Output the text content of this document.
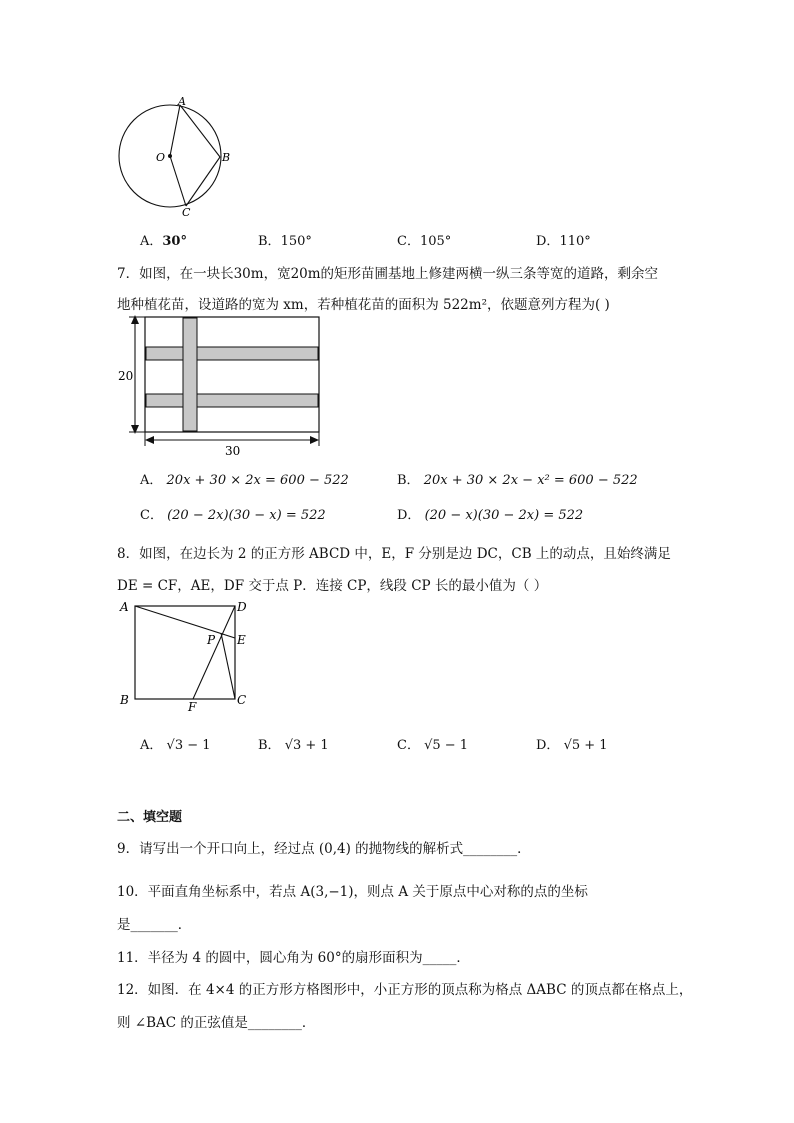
A
B
C
O
A．30°	B．150°	C．105°	D．110°
7．如图，在一块长30m，宽20m的矩形苗圃基地上修建两横一纵三条等宽的道路，剩余空
地种植花苗，设道路的宽为 xm，若种植花苗的面积为 522m²，依题意列方程为( )
20
30
A． 20x + 30 × 2x = 600 − 522	B． 20x + 30 × 2x − x² = 600 − 522
C． (20 − 2x)(30 − x) = 522	D． (20 − x)(30 − 2x) = 522
8．如图，在边长为 2 的正方形 ABCD 中，E，F 分别是边 DC，CB 上的动点，且始终满足
DE = CF，AE，DF 交于点 P．连接 CP，线段 CP 长的最小值为（ ）
A	D
E
P
B	C
F
A． √3 − 1	B． √3 + 1	C． √5 − 1	D． √5 + 1
二、填空题
9．请写出一个开口向上，经过点 (0,4) 的抛物线的解析式________．
10．平面直角坐标系中，若点 A(3,−1)，则点 A 关于原点中心对称的点的坐标
是_______．
11．半径为 4 的圆中，圆心角为 60°的扇形面积为_____．
12．如图．在 4×4 的正方形方格图形中，小正方形的顶点称为格点 ΔABC 的顶点都在格点上，
则 ∠BAC 的正弦值是________．
